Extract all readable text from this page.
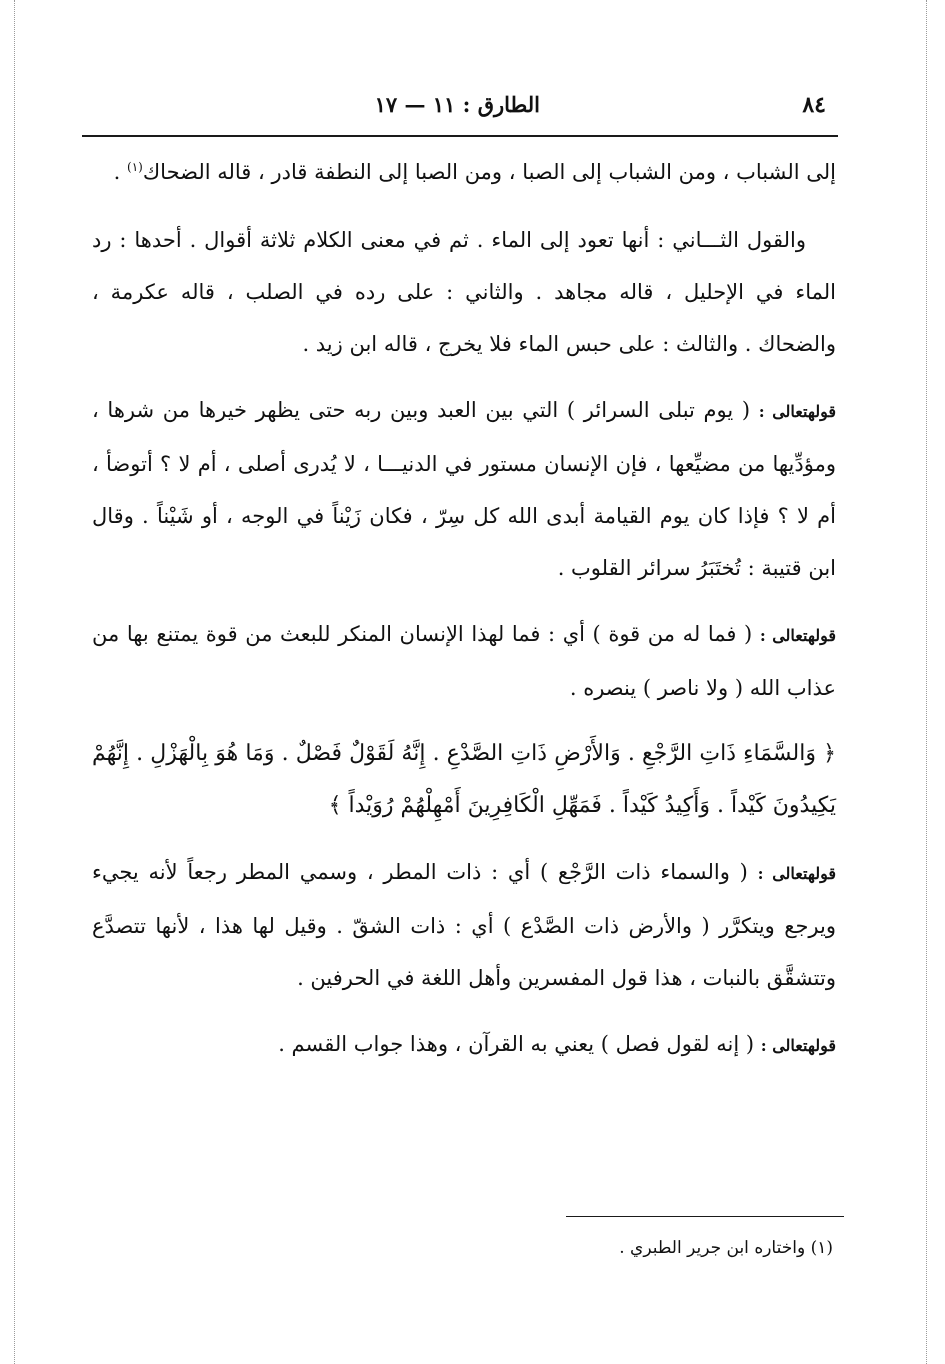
٨٤
الطارق : ١١ — ١٧

إلى الشباب ، ومن الشباب إلى الصبا ، ومن الصبا إلى النطفة قادر ، قاله الضحاك$^{(١)}$ .

والقول الثـــاني : أنها تعود إلى الماء . ثم في معنى الكلام ثلاثة أقوال . أحدها : رد الماء في الإحليل ، قاله مجاهد . والثاني : على رده في الصلب ، قاله عكرمة ، والضحاك . والثالث : على حبس الماء فلا يخرج ، قاله ابن زيد .

قولهتعالى : ( يوم تبلى السرائر ) التي بين العبد وبين ربه حتى يظهر خيرها من شرها ، ومؤدِّيها من مضيِّعها ، فإن الإنسان مستور في الدنيـــا ، لا يُدرى أصلى ، أم لا ؟ أتوضأ ، أم لا ؟ فإذا كان يوم القيامة أبدى الله كل سِرّ ، فكان زَيْناً في الوجه ، أو شَيْناً . وقال ابن قتيبة : تُختَبَرُ سرائر القلوب .

قولهتعالى : ( فما له من قوة ) أي : فما لهذا الإنسان المنكر للبعث من قوة يمتنع بها من عذاب الله ( ولا ناصر ) ينصره .

﴿ وَالسَّمَاءِ ذَاتِ الرَّجْعِ . وَالأَرْضِ ذَاتِ الصَّدْعِ . إِنَّهُ لَقَوْلٌ فَصْلٌ . وَمَا هُوَ بِالْهَزْلِ . إِنَّهُمْ يَكِيدُونَ كَيْداً . وَأَكِيدُ كَيْداً . فَمَهِّلِ الْكَافِرِينَ أَمْهِلْهُمْ رُوَيْداً ﴾

قولهتعالى : ( والسماء ذات الرَّجْع ) أي : ذات المطر ، وسمي المطر رجعاً لأنه يجيء ويرجع ويتكرَّر ( والأرض ذات الصَّدْع ) أي : ذات الشقّ . وقيل لها هذا ، لأنها تتصدَّع وتتشقَّق بالنبات ، هذا قول المفسرين وأهل اللغة في الحرفين .

قولهتعالى : ( إنه لقول فصل ) يعني به القرآن ، وهذا جواب القسم .

(١) واختاره ابن جرير الطبري .
